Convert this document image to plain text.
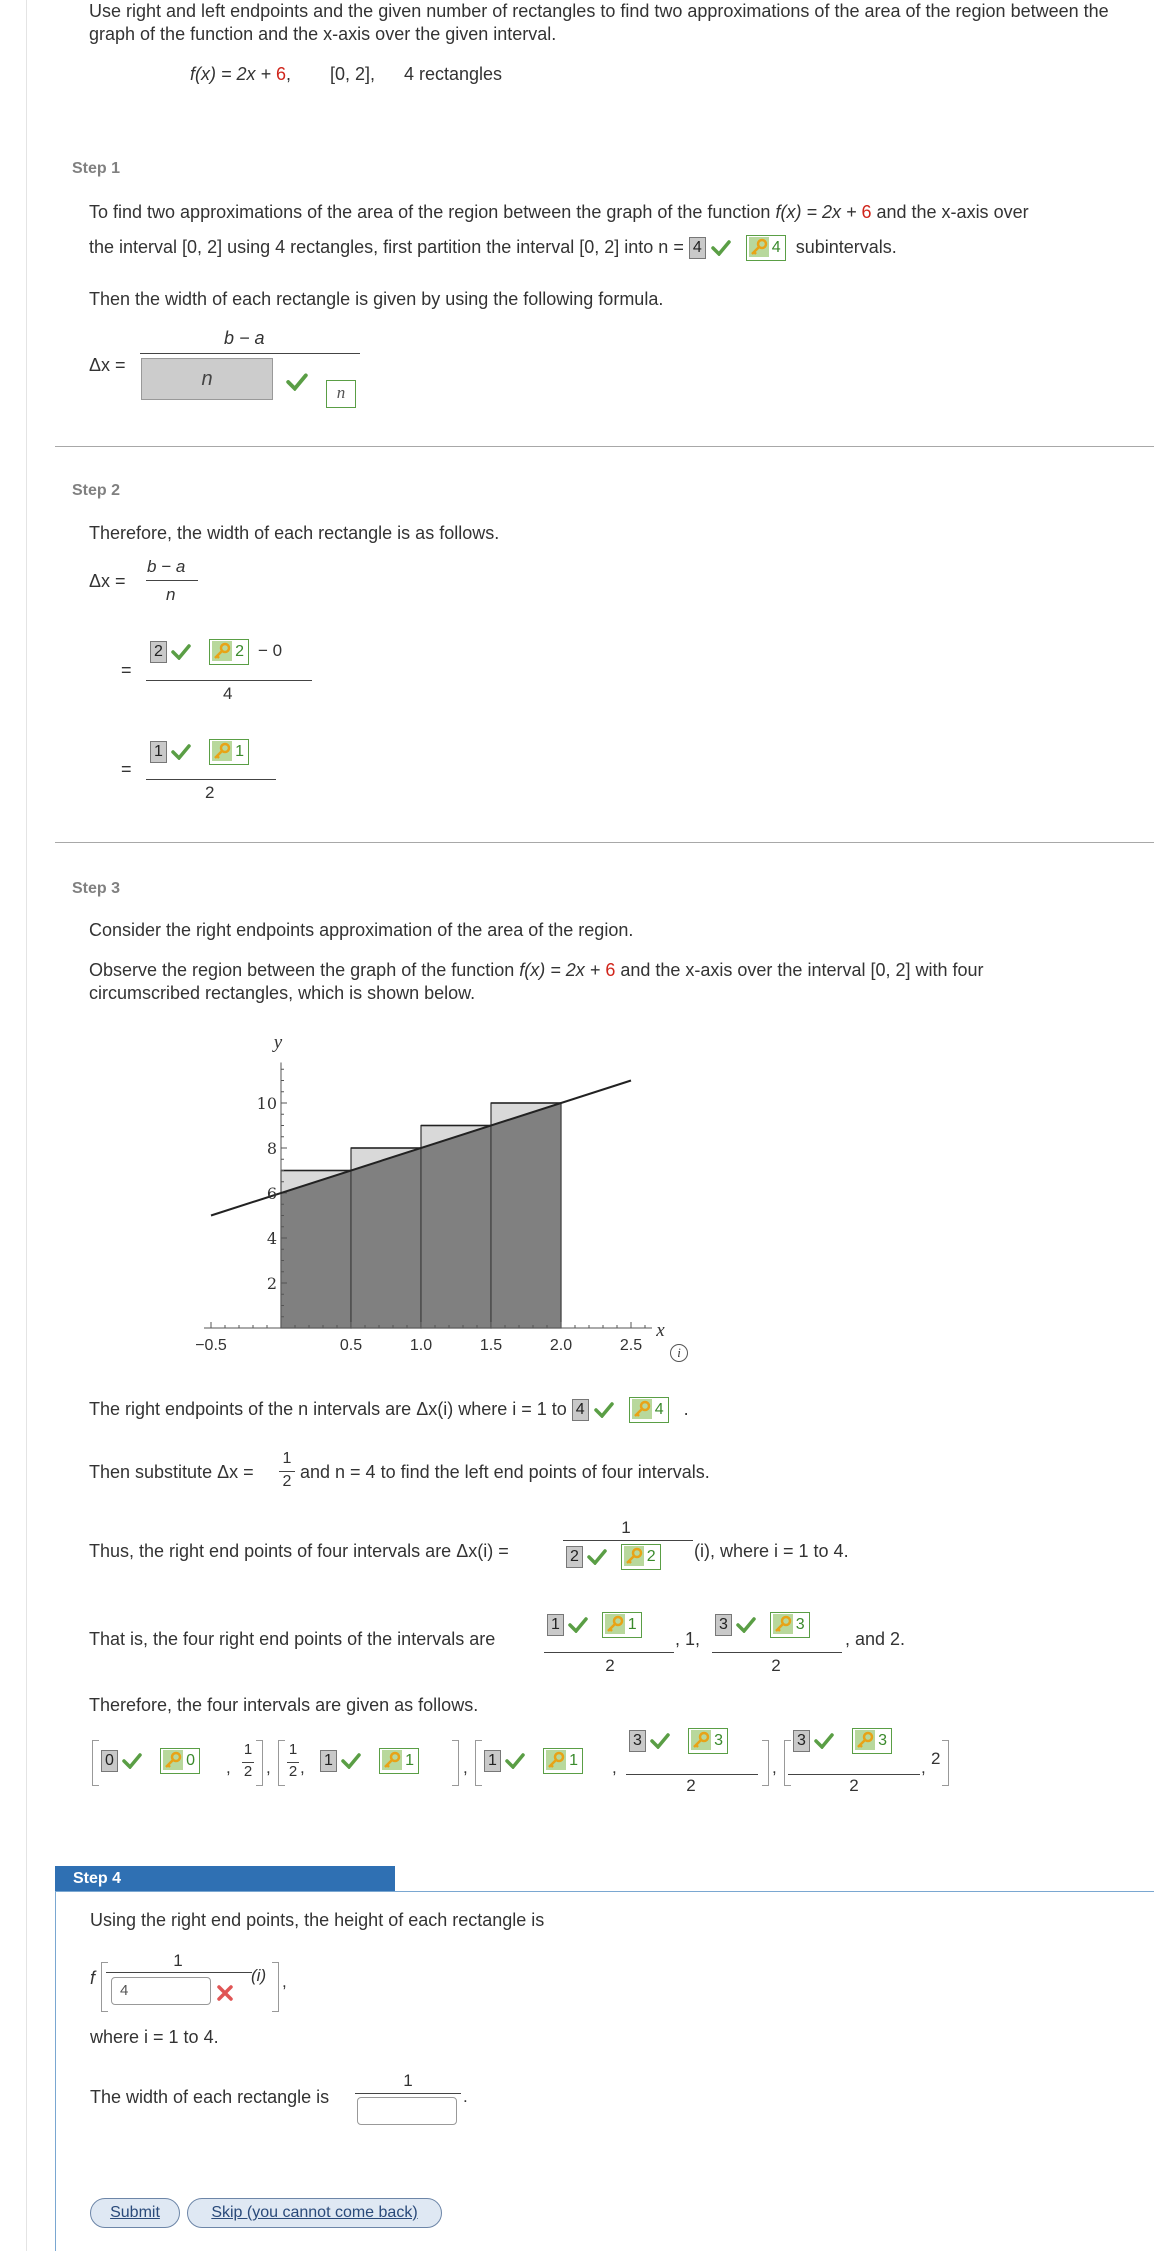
Use right and left endpoints and the given number of rectangles to find two approximations of the area of the region between the graph of the function and the x-axis over the given interval.
f(x) = 2x + 6, [0, 2], 4 rectangles
Step 1
To find two approximations of the area of the region between the graph of the function f(x) = 2x + 6 and the x-axis over
the interval [0, 2] using 4 rectangles, first partition the interval [0, 2] into n = 4	4 subintervals.
Then the width of each rectangle is given by using the following formula.
Δx =
b − a
n
n
Step 2
Therefore, the width of each rectangle is as follows.
Δx =
b − a
n
=
2	2 − 0
4
=
1	1
2
Step 3
Consider the right endpoints approximation of the area of the region.
Observe the region between the graph of the function f(x) = 2x + 6 and the x-axis over the interval [0, 2] with four
circumscribed rectangles, which is shown below.
−0.5	0.5	1.0	1.5	2.0	2.5
2
4
6
8
10
x
y
i
The right endpoints of the n intervals are Δx(i) where i = 1 to 4	4 .
Then substitute Δx =
1
2 and n = 4 to find the left end points of four intervals.
Thus, the right end points of four intervals are Δx(i) =
1
2	2 (i), where i = 1 to 4.
That is, the four right end points of the intervals are
1	1
2
, 1,
3	3
2
, and 2.
Therefore, the four intervals are given as follows.
0	0 ,
1
2 ,
1
2 , 1	1	, 1	1 ,
3	3
2
,
3	3
2
, 2
Step 4
Using the right end points, the height of each rectangle is
f
1
4
(i) ,
where i = 1 to 4.
The width of each rectangle is
1
.
Submit	Skip (you cannot come back)
